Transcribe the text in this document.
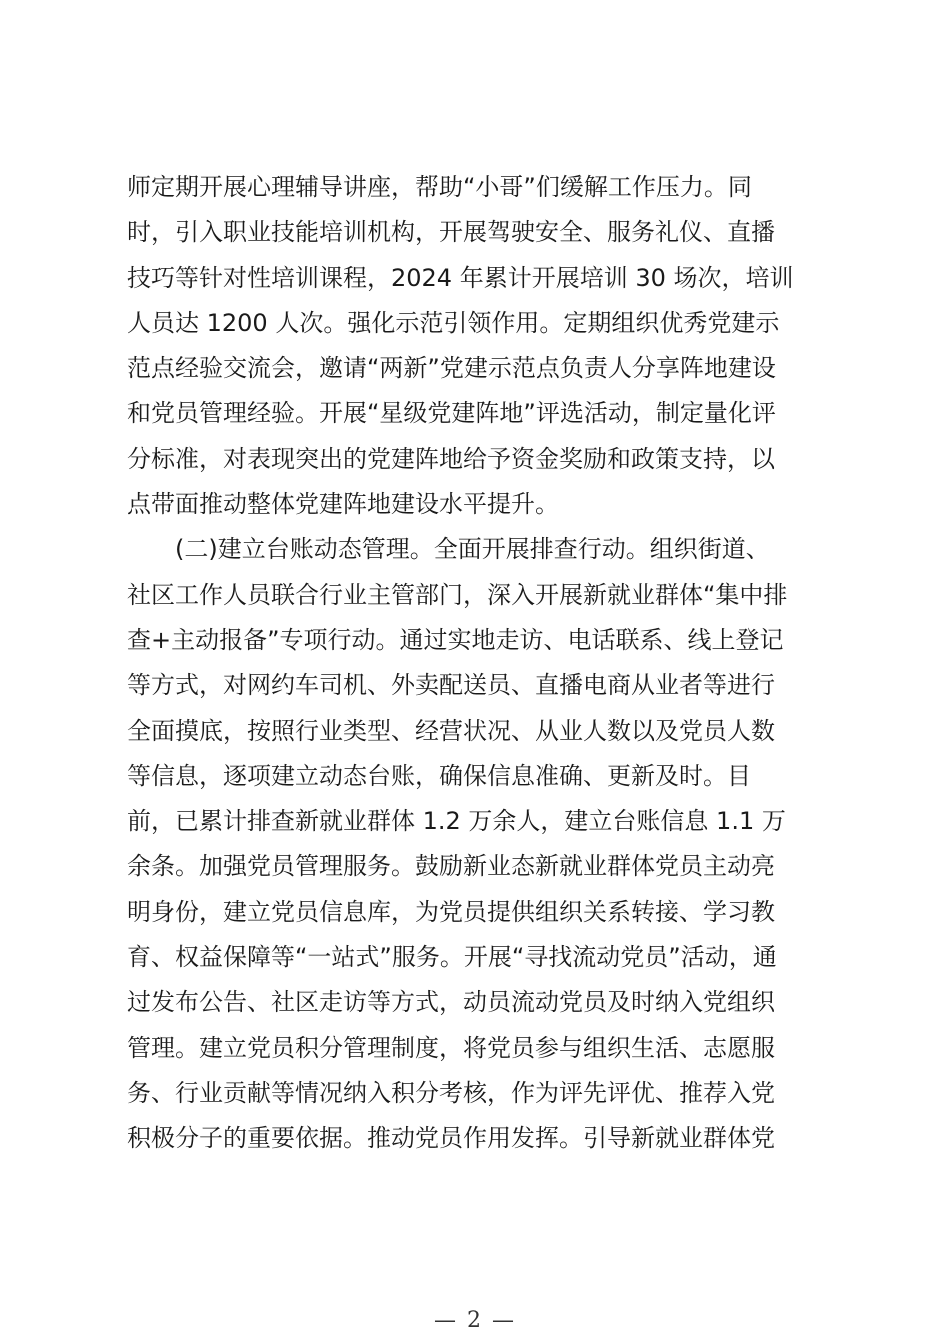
师定期开展心理辅导讲座，帮助“小哥”们缓解工作压力。同
时，引入职业技能培训机构，开展驾驶安全、服务礼仪、直播
技巧等针对性培训课程，2024 年累计开展培训 30 场次，培训
人员达 1200 人次。强化示范引领作用。定期组织优秀党建示
范点经验交流会，邀请“两新”党建示范点负责人分享阵地建设
和党员管理经验。开展“星级党建阵地”评选活动，制定量化评
分标准，对表现突出的党建阵地给予资金奖励和政策支持，以
点带面推动整体党建阵地建设水平提升。
　　(二)建立台账动态管理。全面开展排查行动。组织街道、
社区工作人员联合行业主管部门，深入开展新就业群体“集中排
查+主动报备”专项行动。通过实地走访、电话联系、线上登记
等方式，对网约车司机、外卖配送员、直播电商从业者等进行
全面摸底，按照行业类型、经营状况、从业人数以及党员人数
等信息，逐项建立动态台账，确保信息准确、更新及时。目
前，已累计排查新就业群体 1.2 万余人，建立台账信息 1.1 万
余条。加强党员管理服务。鼓励新业态新就业群体党员主动亮
明身份，建立党员信息库，为党员提供组织关系转接、学习教
育、权益保障等“一站式”服务。开展“寻找流动党员”活动，通
过发布公告、社区走访等方式，动员流动党员及时纳入党组织
管理。建立党员积分管理制度，将党员参与组织生活、志愿服
务、行业贡献等情况纳入积分考核，作为评先评优、推荐入党
积极分子的重要依据。推动党员作用发挥。引导新就业群体党
— 2 —
